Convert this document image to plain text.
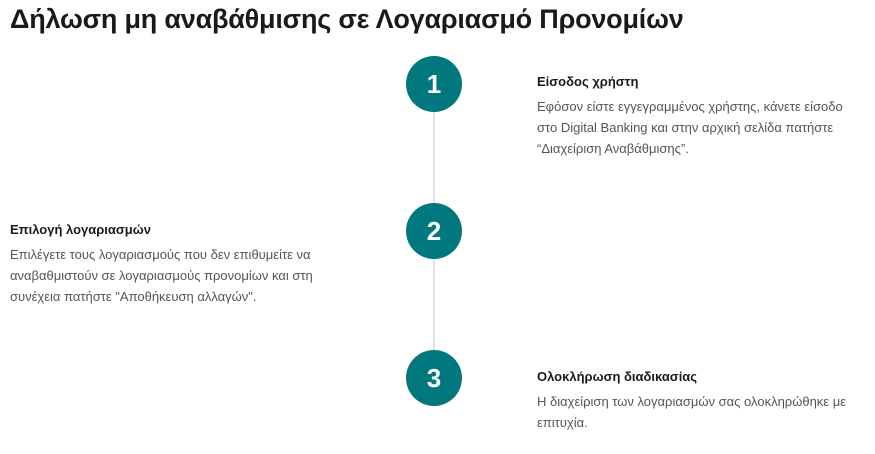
Δήλωση μη αναβάθμισης σε Λογαριασμό Προνομίων
1	Είσοδος χρήστη

Εφόσον είστε εγγεγραμμένος χρήστης, κάνετε είσοδο
στο Digital Banking και στην αρχική σελίδα πατήστε
“Διαχείριση Αναβάθμισης”.

2

Επιλογή λογαριασμών

Επιλέγετε τους λογαριασμούς που δεν επιθυμείτε να
αναβαθμιστούν σε λογαριασμούς προνομίων και στη
συνέχεια πατήστε "Αποθήκευση αλλαγών".

3	Ολοκλήρωση διαδικασίας

Η διαχείριση των λογαριασμών σας ολοκληρώθηκε με
επιτυχία.
